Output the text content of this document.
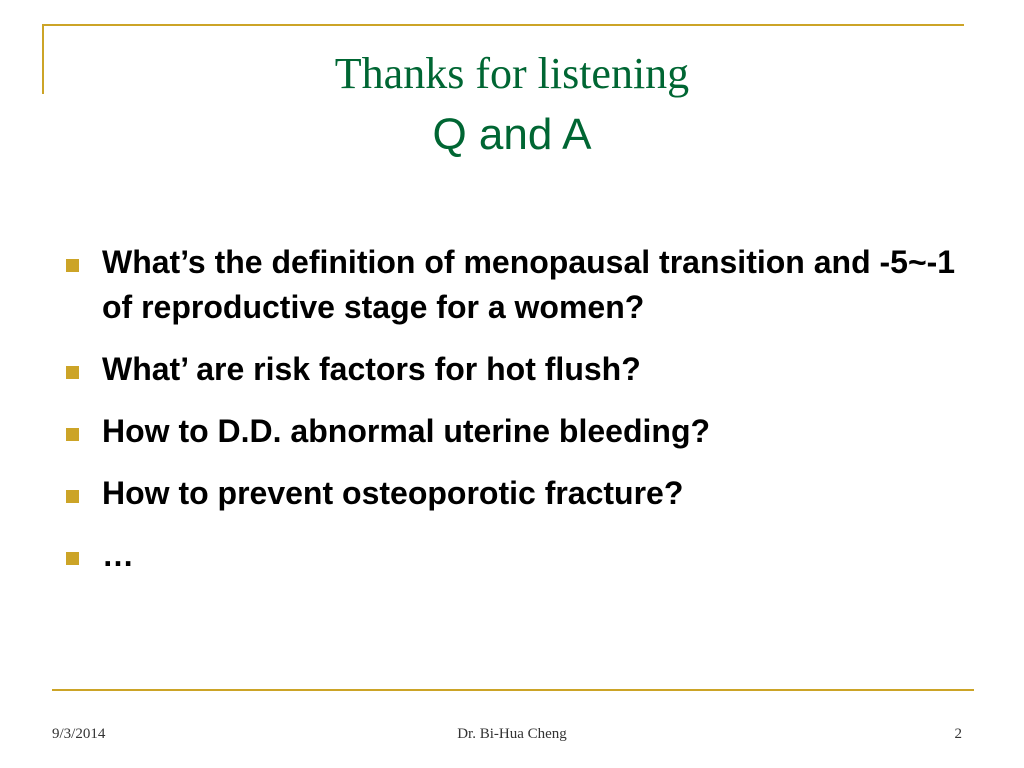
Thanks for listening
Q and A
What’s the definition of menopausal transition and -5~-1 of reproductive stage for a women?
What’ are risk factors for hot flush?
How to D.D. abnormal uterine bleeding?
How to prevent osteoporotic fracture?
…
9/3/2014	Dr. Bi-Hua Cheng	2
